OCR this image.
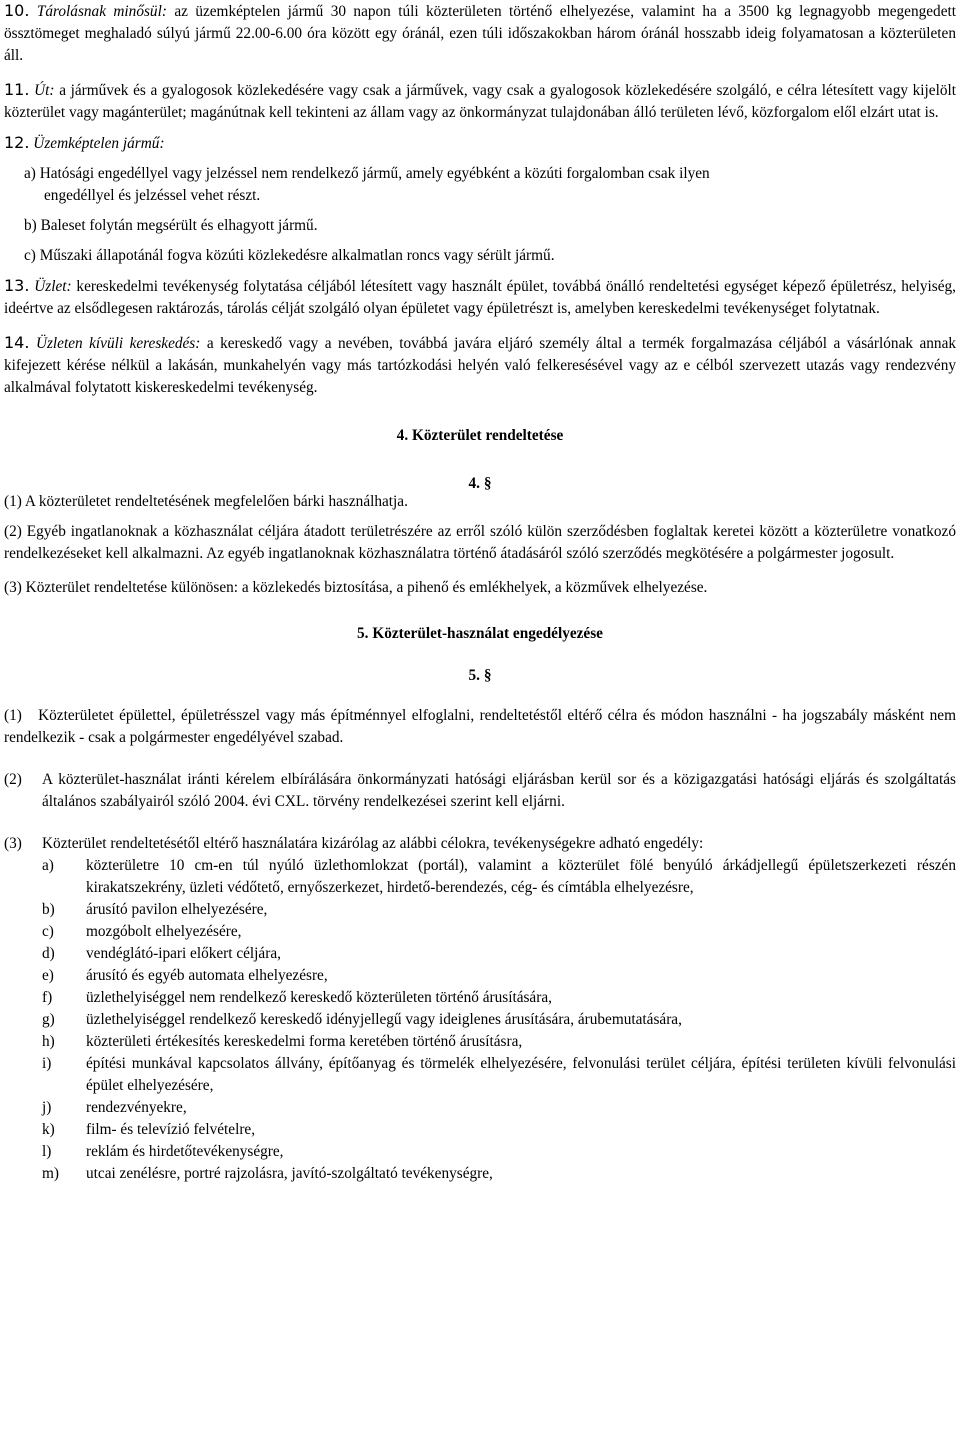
10. Tárolásnak minősül: az üzemképtelen jármű 30 napon túli közterületen történő elhelyezése, valamint ha a 3500 kg legnagyobb megengedett össztömeget meghaladó súlyú jármű 22.00-6.00 óra között egy óránál, ezen túli időszakokban három óránál hosszabb ideig folyamatosan a közterületen áll.

11. Út: a járművek és a gyalogosok közlekedésére vagy csak a járművek, vagy csak a gyalogosok közlekedésére szolgáló, e célra létesített vagy kijelölt közterület vagy magánterület; magánútnak kell tekinteni az állam vagy az önkormányzat tulajdonában álló területen lévő, közforgalom elől elzárt utat is.

12. Üzemképtelen jármű:

a) Hatósági engedéllyel vagy jelzéssel nem rendelkező jármű, amely egyébként a közúti forgalomban csak ilyen

engedéllyel és jelzéssel vehet részt.

b) Baleset folytán megsérült és elhagyott jármű.

c) Műszaki állapotánál fogva közúti közlekedésre alkalmatlan roncs vagy sérült jármű.

13. Üzlet: kereskedelmi tevékenység folytatása céljából létesített vagy használt épület, továbbá önálló rendeltetési egységet képező épületrész, helyiség, ideértve az elsődlegesen raktározás, tárolás célját szolgáló olyan épületet vagy épületrészt is, amelyben kereskedelmi tevékenységet folytatnak.

14. Üzleten kívüli kereskedés: a kereskedő vagy a nevében, továbbá javára eljáró személy által a termék forgalmazása céljából a vásárlónak annak kifejezett kérése nélkül a lakásán, munkahelyén vagy más tartózkodási helyén való felkeresésével vagy az e célból szervezett utazás vagy rendezvény alkalmával folytatott kiskereskedelmi tevékenység.

4. Közterület rendeltetése

4. §

(1) A közterületet rendeltetésének megfelelően bárki használhatja.

(2) Egyéb ingatlanoknak a közhasználat céljára átadott területrészére az erről szóló külön szerződésben foglaltak keretei között a közterületre vonatkozó rendelkezéseket kell alkalmazni. Az egyéb ingatlanoknak közhasználatra történő átadásáról szóló szerződés megkötésére a polgármester jogosult.

(3) Közterület rendeltetése különösen: a közlekedés biztosítása, a pihenő és emlékhelyek, a közművek elhelyezése.

5. Közterület-használat engedélyezése

5. §

(1) Közterületet épülettel, épületrésszel vagy más építménnyel elfoglalni, rendeltetéstől eltérő célra és módon használni - ha jogszabály másként nem rendelkezik - csak a polgármester engedélyével szabad.

(2)	A közterület-használat iránti kérelem elbírálására önkormányzati hatósági eljárásban kerül sor és a közigazgatási hatósági eljárás és szolgáltatás általános szabályairól szóló 2004. évi CXL. törvény rendelkezései szerint kell eljárni.
(3)	Közterület rendeltetésétől eltérő használatára kizárólag az alábbi célokra, tevékenységekre adható engedély:
a)	közterületre 10 cm-en túl nyúló üzlethomlokzat (portál), valamint a közterület fölé benyúló árkádjellegű épületszerkezeti részén kirakatszekrény, üzleti védőtető, ernyőszerkezet, hirdető-berendezés, cég- és címtábla elhelyezésre,
b)	árusító pavilon elhelyezésére,
c)	mozgóbolt elhelyezésére,
d)	vendéglátó-ipari előkert céljára,
e)	árusító és egyéb automata elhelyezésre,
f)	üzlethelyiséggel nem rendelkező kereskedő közterületen történő árusítására,
g)	üzlethelyiséggel rendelkező kereskedő idényjellegű vagy ideiglenes árusítására, árubemutatására,
h)	közterületi értékesítés kereskedelmi forma keretében történő árusításra,
i)	építési munkával kapcsolatos állvány, építőanyag és törmelék elhelyezésére, felvonulási terület céljára, építési területen kívüli felvonulási épület elhelyezésére,
j)	rendezvényekre,
k)	film- és televízió felvételre,
l)	reklám és hirdetőtevékenységre,
m)	utcai zenélésre, portré rajzolásra, javító-szolgáltató tevékenységre,
